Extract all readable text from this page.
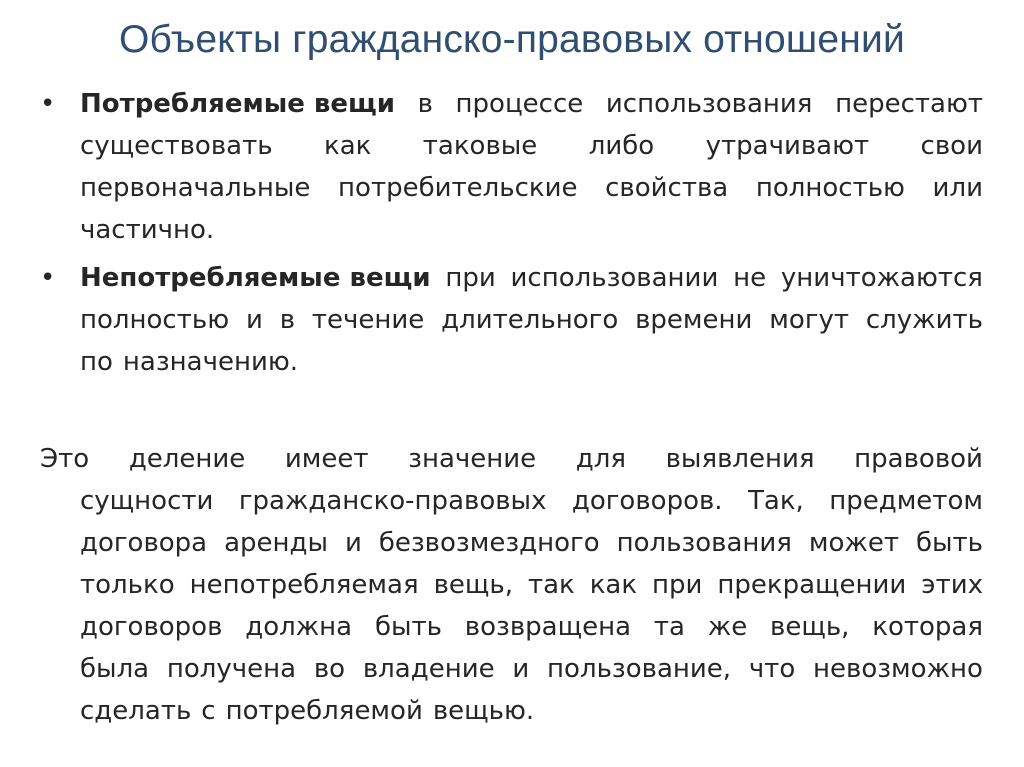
Объекты гражданско-правовых отношений
• Потребляемые вещи в процессе использования перестают
существовать как таковые либо утрачивают свои
первоначальные потребительские свойства полностью или
частично.
• Непотребляемые вещи при использовании не уничтожаются
полностью и в течение длительного времени могут служить
по назначению.
Это деление имеет значение для выявления правовой
сущности гражданско-правовых договоров. Так, предметом
договора аренды и безвозмездного пользования может быть
только непотребляемая вещь, так как при прекращении этих
договоров должна быть возвращена та же вещь, которая
была получена во владение и пользование, что невозможно
сделать с потребляемой вещью.
